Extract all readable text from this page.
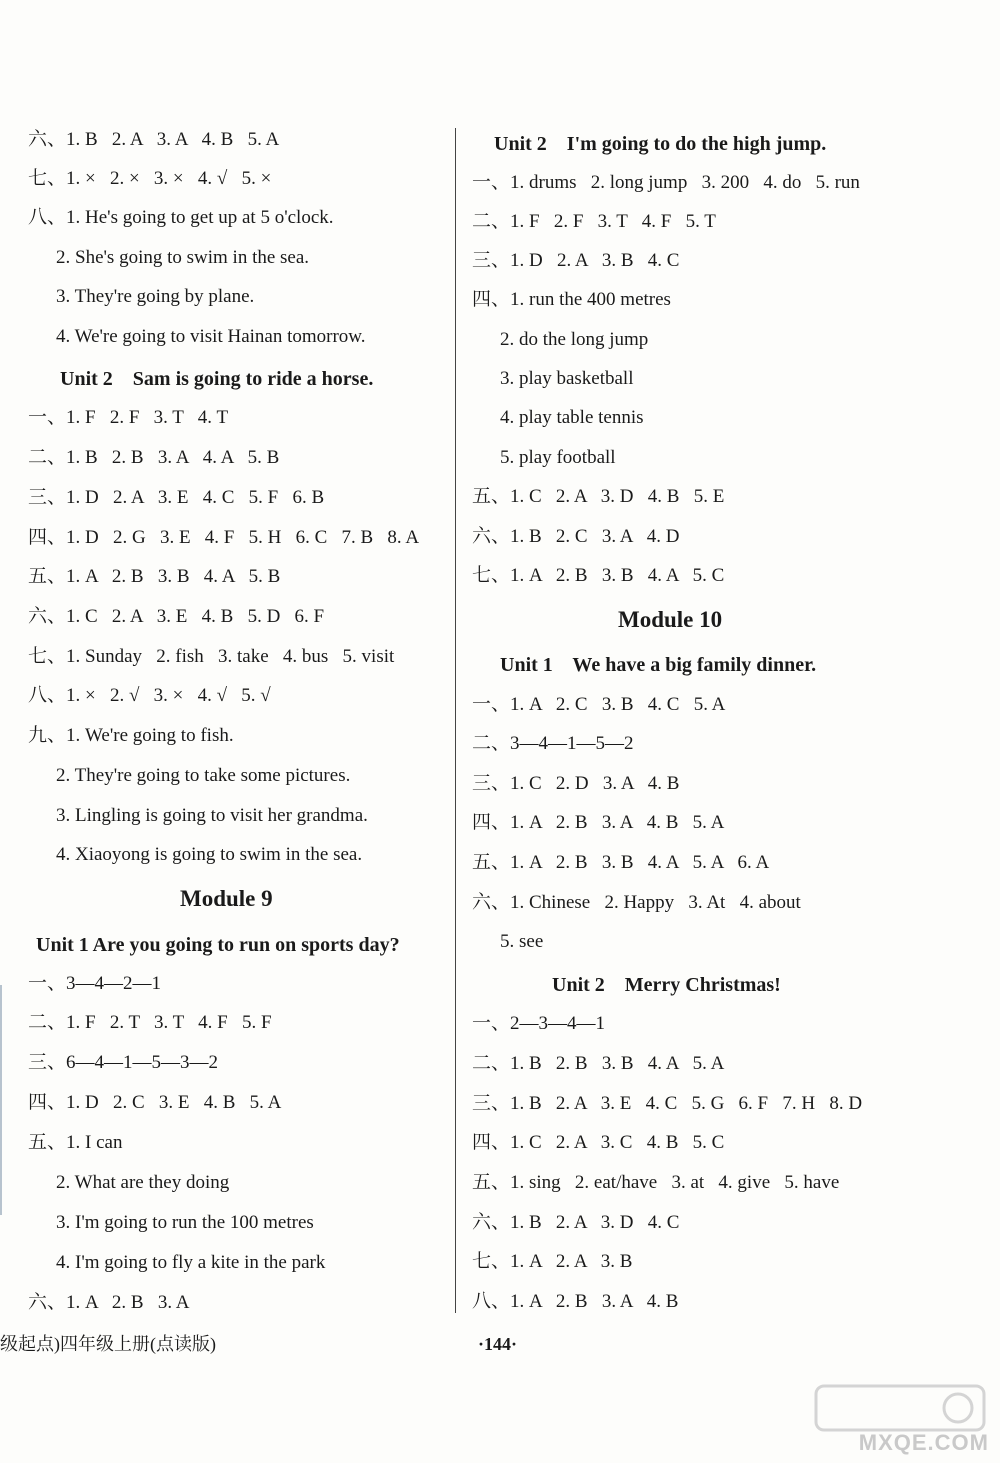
六、1. B   2. A   3. A   4. B   5. A
七、1. ×   2. ×   3. ×   4. √   5. ×
八、1. He's going to get up at 5 o'clock.
2. She's going to swim in the sea.
3. They're going by plane.
4. We're going to visit Hainan tomorrow.
Unit 2    Sam is going to ride a horse.
一、1. F   2. F   3. T   4. T
二、1. B   2. B   3. A   4. A   5. B
三、1. D   2. A   3. E   4. C   5. F   6. B
四、1. D   2. G   3. E   4. F   5. H   6. C   7. B   8. A
五、1. A   2. B   3. B   4. A   5. B
六、1. C   2. A   3. E   4. B   5. D   6. F
七、1. Sunday   2. fish   3. take   4. bus   5. visit
八、1. ×   2. √   3. ×   4. √   5. √
九、1. We're going to fish.
2. They're going to take some pictures.
3. Lingling is going to visit her grandma.
4. Xiaoyong is going to swim in the sea.
Module 9
Unit 1 Are you going to run on sports day?
一、3—4—2—1
二、1. F   2. T   3. T   4. F   5. F
三、6—4—1—5—3—2
四、1. D   2. C   3. E   4. B   5. A
五、1. I can
2. What are they doing
3. I'm going to run the 100 metres
4. I'm going to fly a kite in the park
六、1. A   2. B   3. A
Unit 2    I'm going to do the high jump.
一、1. drums   2. long jump   3. 200   4. do   5. run
二、1. F   2. F   3. T   4. F   5. T
三、1. D   2. A   3. B   4. C
四、1. run the 400 metres
2. do the long jump
3. play basketball
4. play table tennis
5. play football
五、1. C   2. A   3. D   4. B   5. E
六、1. B   2. C   3. A   4. D
七、1. A   2. B   3. B   4. A   5. C
Module 10
Unit 1    We have a big family dinner.
一、1. A   2. C   3. B   4. C   5. A
二、3—4—1—5—2
三、1. C   2. D   3. A   4. B
四、1. A   2. B   3. A   4. B   5. A
五、1. A   2. B   3. B   4. A   5. A   6. A
六、1. Chinese   2. Happy   3. At   4. about
5. see
Unit 2    Merry Christmas!
一、2—3—4—1
二、1. B   2. B   3. B   4. A   5. A
三、1. B   2. A   3. E   4. C   5. G   6. F   7. H   8. D
四、1. C   2. A   3. C   4. B   5. C
五、1. sing   2. eat/have   3. at   4. give   5. have
六、1. B   2. A   3. D   4. C
七、1. A   2. A   3. B
八、1. A   2. B   3. A   4. B
级起点)四年级上册(点读版)	·144·
MXQE.COM
